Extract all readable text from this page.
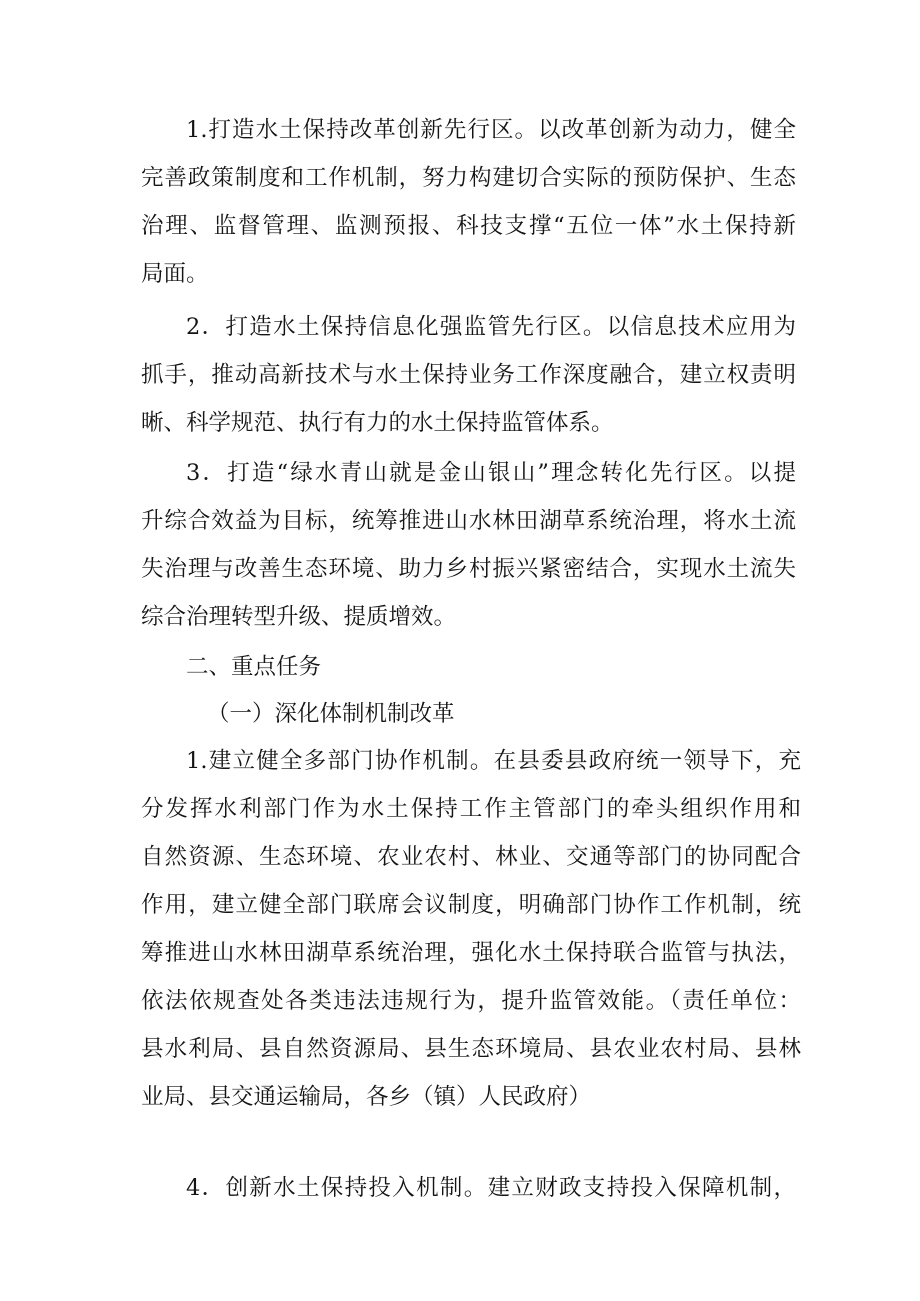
1.打造水土保持改革创新先行区。以改革创新为动力，健全
完善政策制度和工作机制，努力构建切合实际的预防保护、生态
治理、监督管理、监测预报、科技支撑“五位一体”水土保持新
局面。
2．打造水土保持信息化强监管先行区。以信息技术应用为
抓手，推动高新技术与水土保持业务工作深度融合，建立权责明
晰、科学规范、执行有力的水土保持监管体系。
3．打造“绿水青山就是金山银山”理念转化先行区。以提
升综合效益为目标，统筹推进山水林田湖草系统治理，将水土流
失治理与改善生态环境、助力乡村振兴紧密结合，实现水土流失
综合治理转型升级、提质增效。
二、重点任务
（一）深化体制机制改革
1.建立健全多部门协作机制。在县委县政府统一领导下，充
分发挥水利部门作为水土保持工作主管部门的牵头组织作用和
自然资源、生态环境、农业农村、林业、交通等部门的协同配合
作用，建立健全部门联席会议制度，明确部门协作工作机制，统
筹推进山水林田湖草系统治理，强化水土保持联合监管与执法，
依法依规查处各类违法违规行为，提升监管效能。（责任单位：
县水利局、县自然资源局、县生态环境局、县农业农村局、县林
业局、县交通运输局，各乡（镇）人民政府）
4．创新水土保持投入机制。建立财政支持投入保障机制，
